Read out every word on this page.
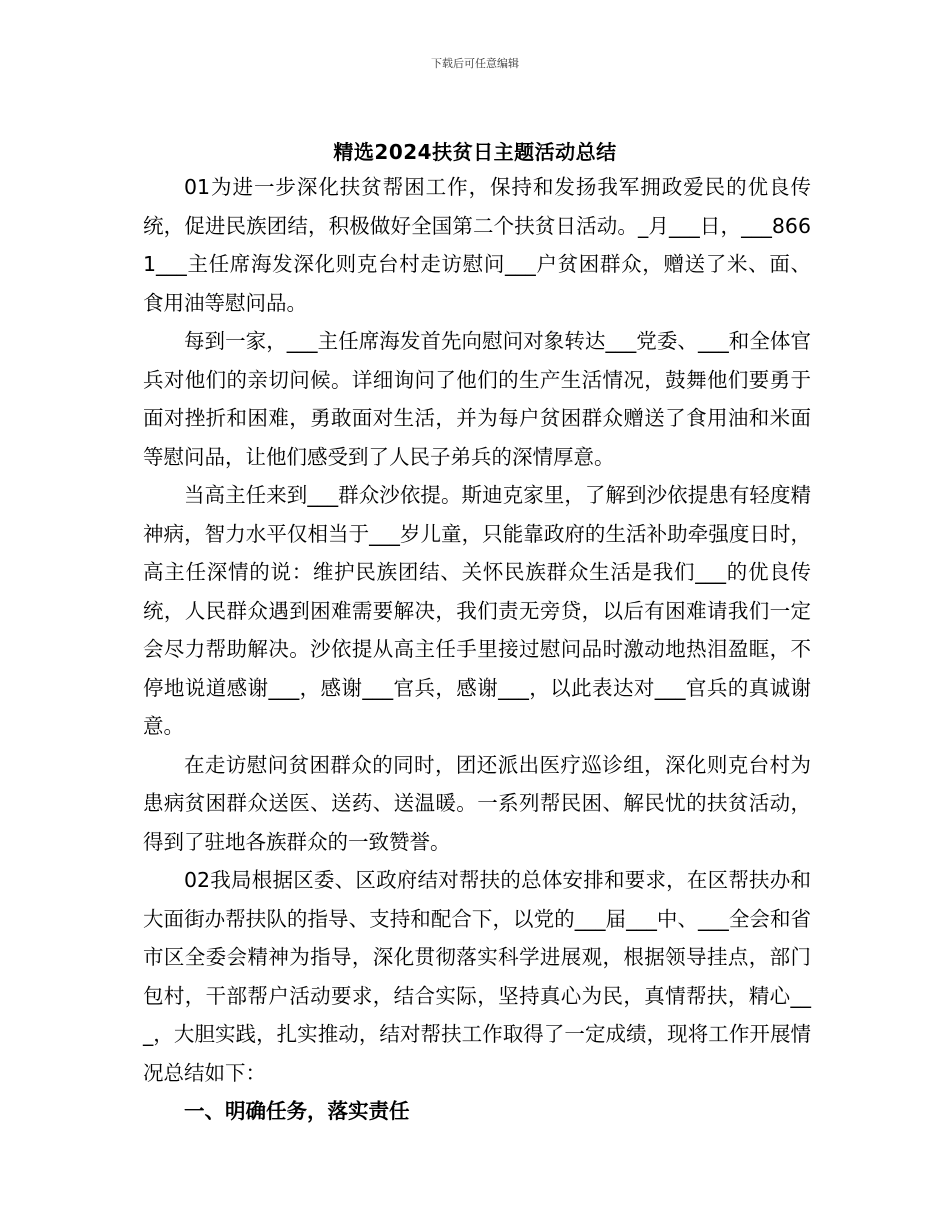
下载后可任意编辑
精选2024扶贫日主题活动总结

01为进一步深化扶贫帮困工作，保持和发扬我军拥政爱民的优良传统，促进民族团结，积极做好全国第二个扶贫日活动。_月___日，___8661___主任席海发深化则克台村走访慰问___户贫困群众，赠送了米、面、食用油等慰问品。

每到一家，___主任席海发首先向慰问对象转达___党委、___和全体官兵对他们的亲切问候。详细询问了他们的生产生活情况，鼓舞他们要勇于面对挫折和困难，勇敢面对生活，并为每户贫困群众赠送了食用油和米面等慰问品，让他们感受到了人民子弟兵的深情厚意。

当高主任来到___群众沙依提。斯迪克家里，了解到沙依提患有轻度精神病，智力水平仅相当于___岁儿童，只能靠政府的生活补助牵强度日时，高主任深情的说：维护民族团结、关怀民族群众生活是我们___的优良传统，人民群众遇到困难需要解决，我们责无旁贷，以后有困难请我们一定会尽力帮助解决。沙依提从高主任手里接过慰问品时激动地热泪盈眶，不停地说道感谢___，感谢___官兵，感谢___，以此表达对___官兵的真诚谢意。

在走访慰问贫困群众的同时，团还派出医疗巡诊组，深化则克台村为患病贫困群众送医、送药、送温暖。一系列帮民困、解民忧的扶贫活动，得到了驻地各族群众的一致赞誉。

02我局根据区委、区政府结对帮扶的总体安排和要求，在区帮扶办和大面街办帮扶队的指导、支持和配合下，以党的___届___中、___全会和省市区全委会精神为指导，深化贯彻落实科学进展观，根据领导挂点，部门包村，干部帮户活动要求，结合实际，坚持真心为民，真情帮扶，精心___，大胆实践，扎实推动，结对帮扶工作取得了一定成绩，现将工作开展情况总结如下：

一、明确任务，落实责任
